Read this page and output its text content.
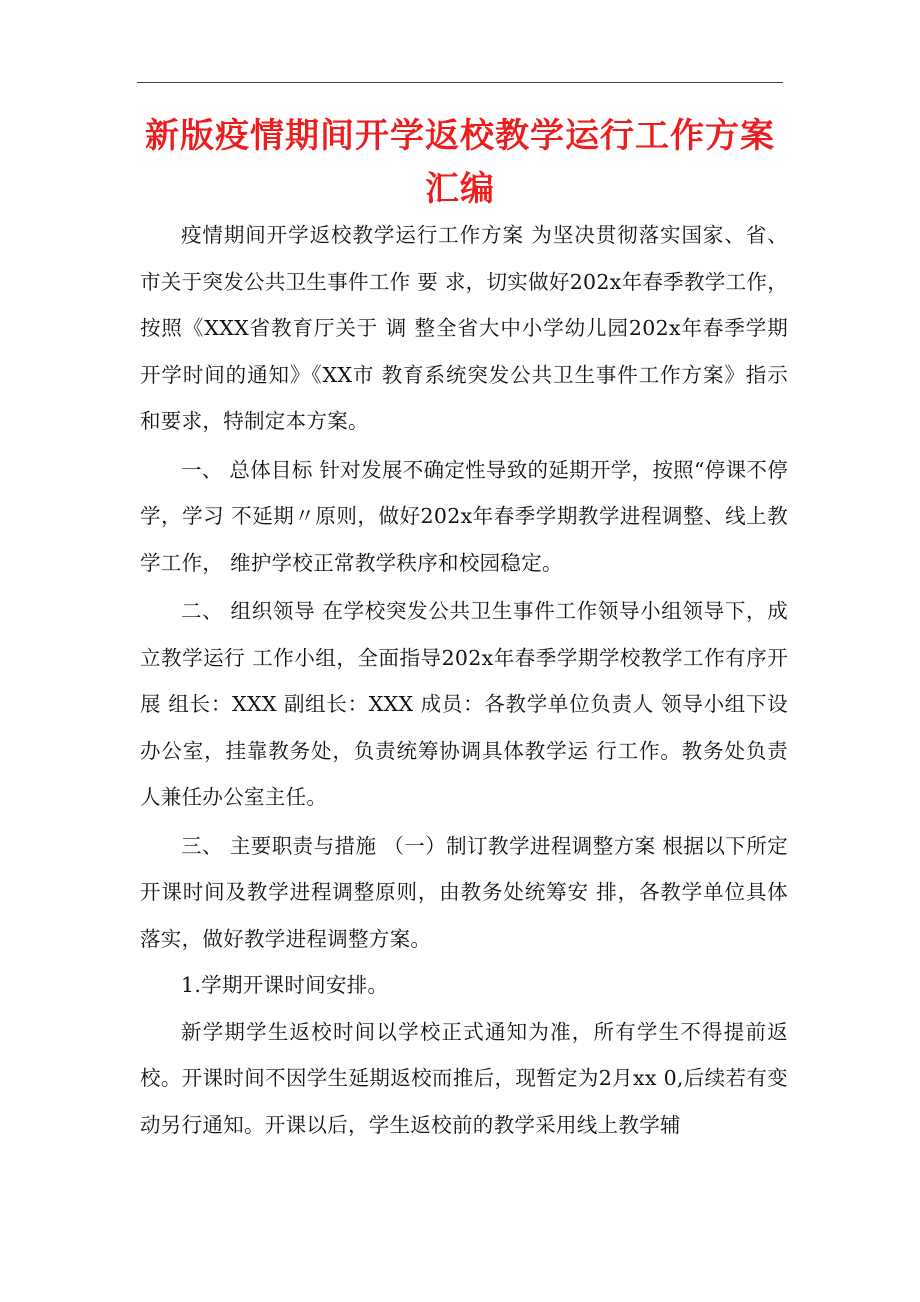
新版疫情期间开学返校教学运行工作方案
汇编

疫情期间开学返校教学运行工作方案 为坚决贯彻落实国家、省、市关于突发公共卫生事件工作 要 求，切实做好202x年春季教学工作，按照《XXX省教育厅关于 调 整全省大中小学幼儿园202x年春季学期开学时间的通知》《XX市 教育系统突发公共卫生事件工作方案》指示和要求，特制定本方案。

一、 总体目标 针对发展不确定性导致的延期开学，按照“停课不停学，学习 不延期〃原则，做好202x年春季学期教学进程调整、线上教学工作， 维护学校正常教学秩序和校园稳定。

二、 组织领导 在学校突发公共卫生事件工作领导小组领导下，成立教学运行 工作小组，全面指导202x年春季学期学校教学工作有序开展 组长：XXX 副组长：XXX 成员：各教学单位负责人 领导小组下设办公室，挂靠教务处，负责统筹协调具体教学运 行工作。教务处负责人兼任办公室主任。

三、 主要职责与措施 （一）制订教学进程调整方案 根据以下所定开课时间及教学进程调整原则，由教务处统筹安 排，各教学单位具体落实，做好教学进程调整方案。

1.学期开课时间安排。

新学期学生返校时间以学校正式通知为准，所有学生不得提前返校。开课时间不因学生延期返校而推后，现暂定为2月xx 0,后续若有变动另行通知。开课以后，学生返校前的教学采用线上教学辅
